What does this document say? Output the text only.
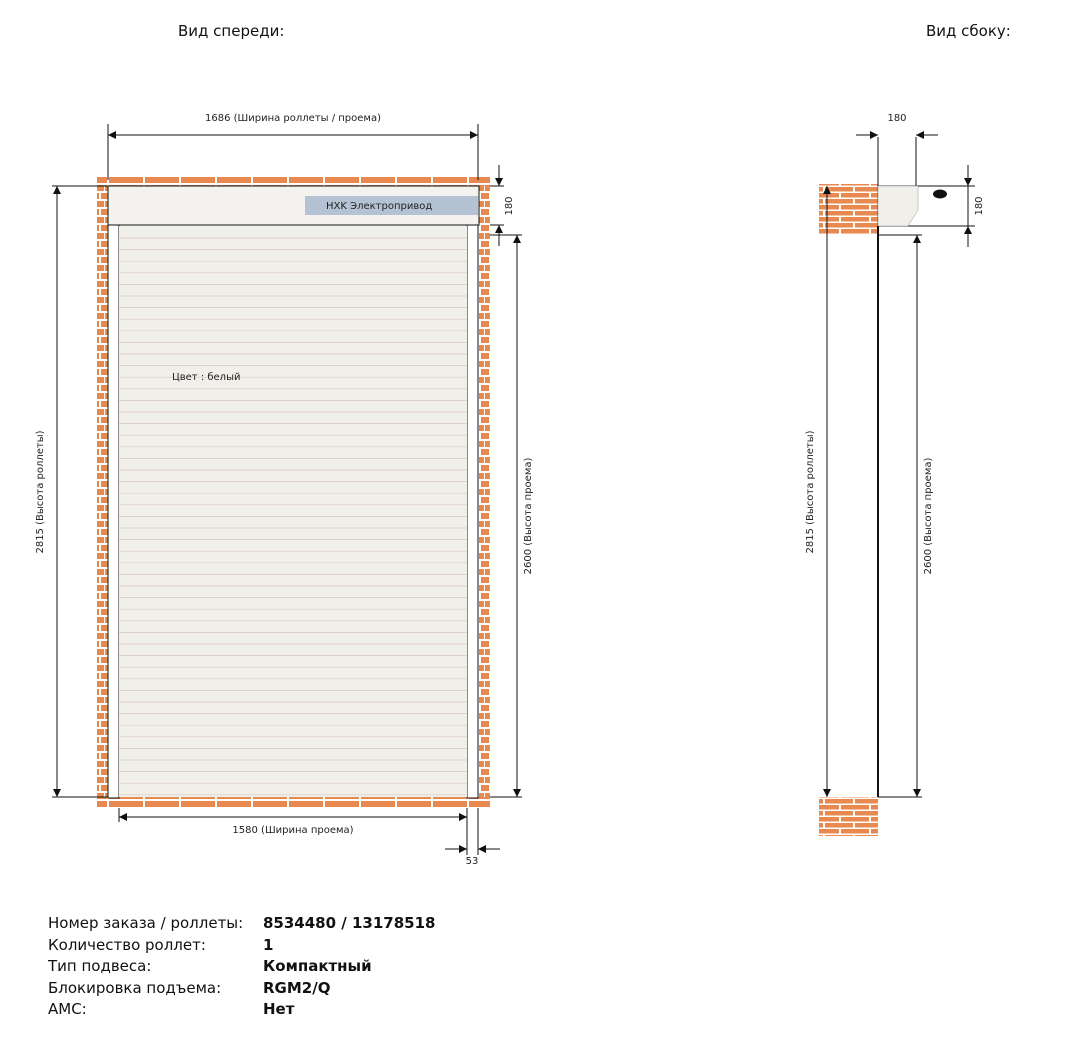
Вид спереди:	Вид сбоку:
HXK Электропривод
Цвет : белый
1686 (Ширина роллеты / проема)
1580 (Ширина проема)
53
180
2815 (Высота роллеты)	2600 (Высота проема)
180
180
2815 (Высота роллеты)	2600 (Высота проема)
Номер заказа / роллеты:	8534480 / 13178518
Количество роллет:	1
Тип подвеса:	Компактный
Блокировка подъема:	RGM2/Q
АМС:	Нет
